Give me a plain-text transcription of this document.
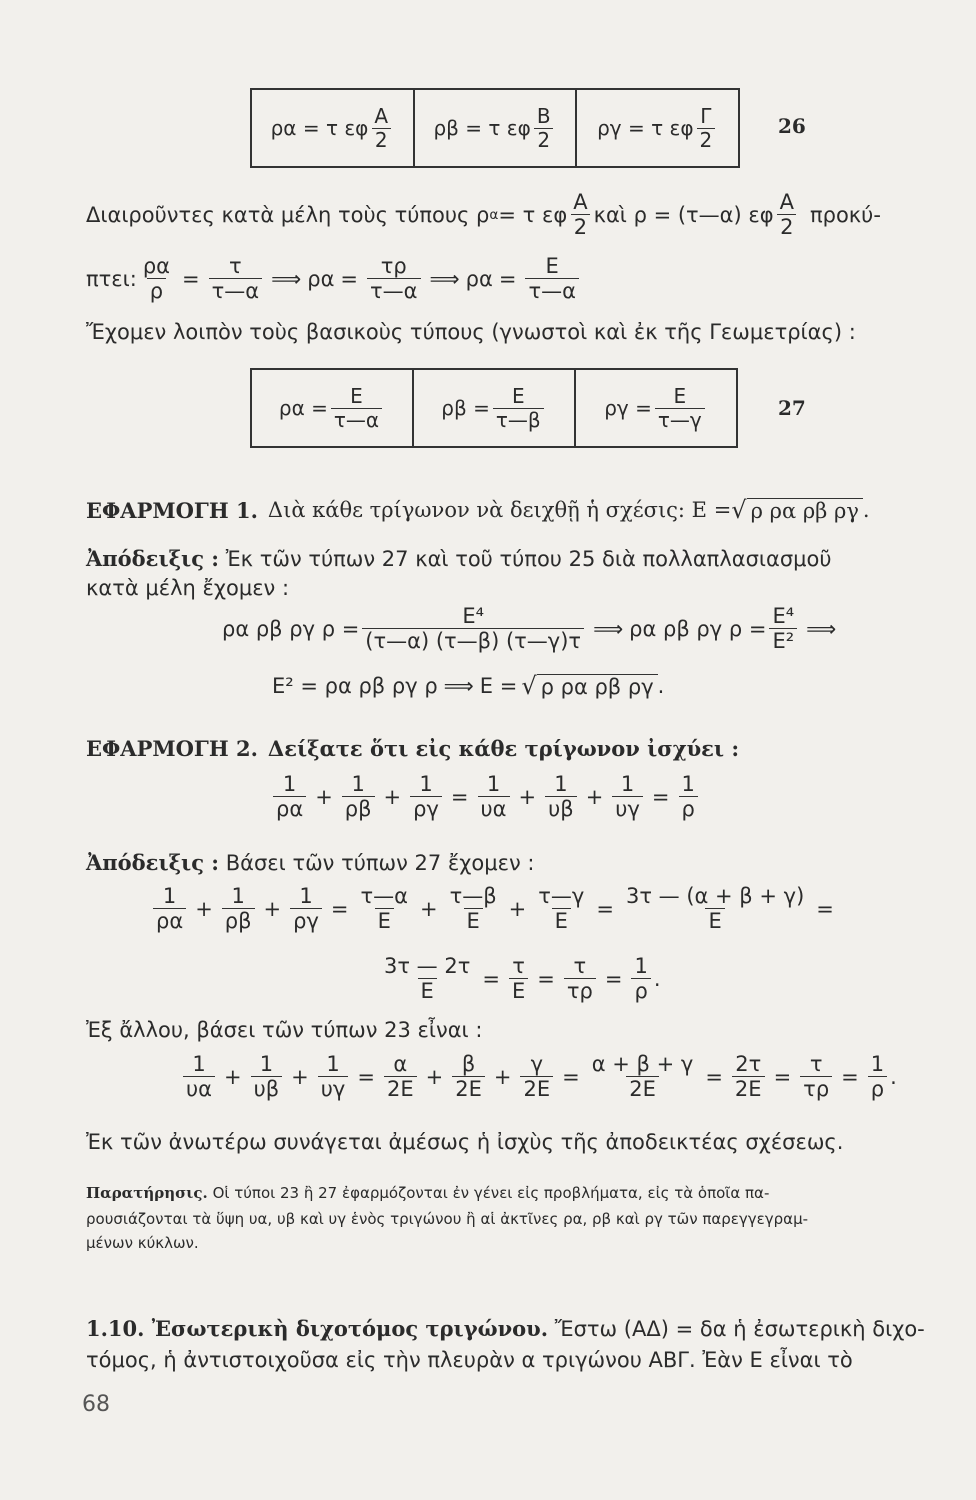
ρα = τ εφ $\frac{A}{2}$ ρβ = τ εφ $\frac{B}{2}$ ργ = τ εφ $\frac{\Gamma}{2}$	26
Διαιροῦντες κατὰ μέλη τοὺς τύπους ρ α = τ εφ $\frac{A}{2}$ καὶ ρ = (τ—α) εφ $\frac{A}{2} \pi\rho o\kappa ύ-$
πτει: $\frac{\rho\alpha}{\rho} = \frac{\tau}{\tau—\alpha}$ ⟹ $\rho\alpha = \frac{\tau\rho}{\tau—\alpha}$ ⟹ $\rho\alpha = \frac{E}{\tau—\alpha}$
Ἔχομεν λοιπὸν τοὺς βασικοὺς τύπους (γνωστοὶ καὶ ἐκ τῆς Γεωμετρίας) :
$\rho\alpha = \frac{E}{\tau—\alpha}$	$\rho\beta = \frac{E}{\tau—\beta}$	$\rho\gamma = \frac{E}{\tau—\gamma}$	27
ΕΦΑΡΜΟΓΗ 1. Διὰ κάθε τρίγωνον νὰ δειχθῇ ἡ σχέσις: Ε = √ ρ ρα ρβ ργ .
Ἀπόδειξις : Ἐκ τῶν τύπων 27 καὶ τοῦ τύπου 25 διὰ πολλαπλασιασμοῦ
κατὰ μέλη ἔχομεν :
ρα ρβ ργ $\rho = \frac{\text{Ε⁴}}{(\tau—\alpha) (\tau—\beta) (\tau—\gamma)\tau}$ ⟹ ρα ρβ ργ $\rho = \frac{\text{Ε⁴}}{\text{Ε²}}$ ⟹
Ε² = ρα ρβ ργ ρ ⟹ Ε = √ ρ ρα ρβ ργ .
ΕΦΑΡΜΟΓΗ 2. Δείξατε ὅτι εἰς κάθε τρίγωνον ἰσχύει :
$\frac{1}{\rho\alpha} + \frac{1}{\rho\beta} + \frac{1}{\rho\gamma} = \frac{1}{\upsilon\alpha} + \frac{1}{\upsilon\beta} + \frac{1}{\upsilon\gamma} = \frac{1}{\rho}$
Ἀπόδειξις : Βάσει τῶν τύπων 27 ἔχομεν :
$\frac{1}{\rho\alpha} + \frac{1}{\rho\beta} + \frac{1}{\rho\gamma} = \frac{\tau—\alpha}{E} + \frac{\tau—\beta}{E} + \frac{\tau—\gamma}{E} = \frac{3\tau — (\alpha + \beta + \gamma)}{E}$ =
$\frac{3\tau — 2\tau}{E} = \frac{\tau}{E} = \frac{\tau}{\tau\rho} = \frac{1}{\rho}$ .
Ἐξ ἄλλου, βάσει τῶν τύπων 23 εἶναι :
$\frac{1}{\upsilon\alpha} + \frac{1}{\upsilon\beta} + \frac{1}{\upsilon\gamma} = \frac{\alpha}{2E} + \frac{\beta}{2E} + \frac{\gamma}{2E} = \frac{\alpha + \beta + \gamma}{2E} = \frac{2\tau}{2E} = \frac{\tau}{\tau\rho} = \frac{1}{\rho}$ .
Ἐκ τῶν ἀνωτέρω συνάγεται ἀμέσως ἡ ἰσχὺς τῆς ἀποδεικτέας σχέσεως.
Παρατήρησις. Οἱ τύποι 23 ἢ 27 ἐφαρμόζονται ἐν γένει εἰς προβλήματα, εἰς τὰ ὁποῖα πα-
ρουσιάζονται τὰ ὕψη υα, υβ καὶ υγ ἑνὸς τριγώνου ἢ αἱ ἀκτῖνες ρα, ρβ καὶ ργ τῶν παρεγγεγραμ-
μένων κύκλων.
1.10. Ἐσωτερικὴ διχοτόμος τριγώνου. Ἔστω (ΑΔ) = δα ἡ ἐσωτερικὴ διχο-
τόμος, ἡ ἀντιστοιχοῦσα εἰς τὴν πλευρὰν α τριγώνου ΑΒΓ. Ἐὰν Ε εἶναι τὸ
68
